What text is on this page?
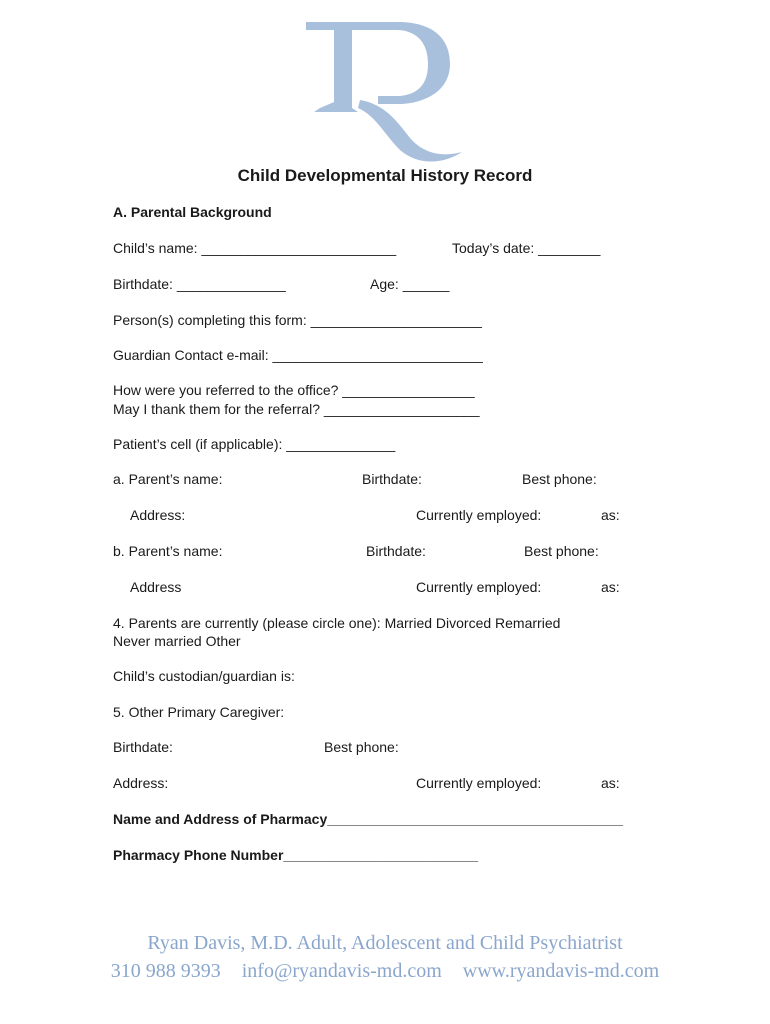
Child Developmental History Record
A. Parental Background
Child’s name: _________________________	Today’s date: ________
Birthdate: ______________	Age: ______
Person(s) completing this form: ______________________
Guardian Contact e-mail: ___________________________
How were you referred to the office? _________________
May I thank them for the referral? ____________________
Patient’s cell (if applicable): ______________
a. Parent’s name:	Birthdate:	Best phone:
Address:	Currently employed:	as:
b. Parent’s name:	Birthdate:	Best phone:
Address	Currently employed:	as:
4. Parents are currently (please circle one): Married Divorced Remarried
Never married Other
Child’s custodian/guardian is:
5. Other Primary Caregiver:
Birthdate:	Best phone:
Address:	Currently employed:	as:
Name and Address of Pharmacy______________________________________
Pharmacy Phone Number_________________________
Ryan Davis, M.D. Adult, Adolescent and Child Psychiatrist
310 988 9393 info@ryandavis-md.com www.ryandavis-md.com
